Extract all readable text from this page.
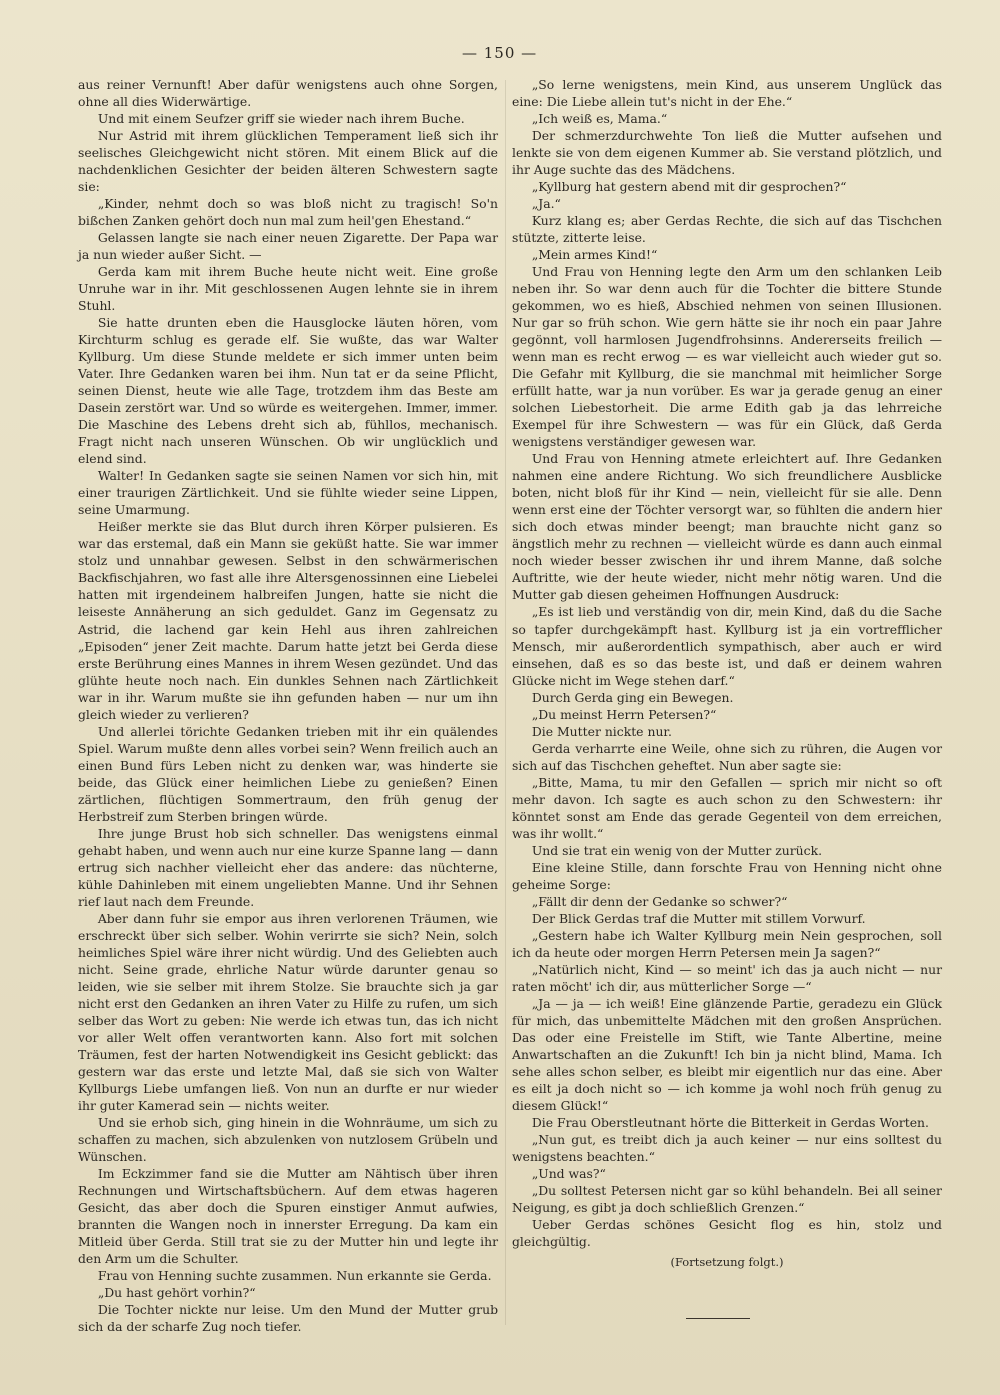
— 150 —

aus reiner Vernunft! Aber dafür wenigstens auch ohne Sorgen, ohne all dies Widerwärtige.

Und mit einem Seufzer griff sie wieder nach ihrem Buche.

Nur Astrid mit ihrem glücklichen Temperament ließ sich ihr seelisches Gleichgewicht nicht stören. Mit einem Blick auf die nachdenklichen Gesichter der beiden älteren Schwestern sagte sie:

„Kinder, nehmt doch so was bloß nicht zu tragisch! So'n bißchen Zanken gehört doch nun mal zum heil'gen Ehestand.“

Gelassen langte sie nach einer neuen Zigarette. Der Papa war ja nun wieder außer Sicht. —

Gerda kam mit ihrem Buche heute nicht weit. Eine große Unruhe war in ihr. Mit geschlossenen Augen lehnte sie in ihrem Stuhl.

Sie hatte drunten eben die Hausglocke läuten hören, vom Kirchturm schlug es gerade elf. Sie wußte, das war Walter Kyllburg. Um diese Stunde meldete er sich immer unten beim Vater. Ihre Gedanken waren bei ihm. Nun tat er da seine Pflicht, seinen Dienst, heute wie alle Tage, trotzdem ihm das Beste am Dasein zerstört war. Und so würde es weitergehen. Immer, immer. Die Maschine des Lebens dreht sich ab, fühllos, mechanisch. Fragt nicht nach unseren Wünschen. Ob wir unglücklich und elend sind.

Walter! In Gedanken sagte sie seinen Namen vor sich hin, mit einer traurigen Zärtlichkeit. Und sie fühlte wieder seine Lippen, seine Umarmung.

Heißer merkte sie das Blut durch ihren Körper pulsieren. Es war das erstemal, daß ein Mann sie geküßt hatte. Sie war immer stolz und unnahbar gewesen. Selbst in den schwärmerischen Backfischjahren, wo fast alle ihre Altersgenossinnen eine Liebelei hatten mit irgendeinem halbreifen Jungen, hatte sie nicht die leiseste Annäherung an sich geduldet. Ganz im Gegensatz zu Astrid, die lachend gar kein Hehl aus ihren zahlreichen „Episoden“ jener Zeit machte. Darum hatte jetzt bei Gerda diese erste Berührung eines Mannes in ihrem Wesen gezündet. Und das glühte heute noch nach. Ein dunkles Sehnen nach Zärtlichkeit war in ihr. Warum mußte sie ihn gefunden haben — nur um ihn gleich wieder zu verlieren?

Und allerlei törichte Gedanken trieben mit ihr ein quälendes Spiel. Warum mußte denn alles vorbei sein? Wenn freilich auch an einen Bund fürs Leben nicht zu denken war, was hinderte sie beide, das Glück einer heimlichen Liebe zu genießen? Einen zärtlichen, flüchtigen Sommertraum, den früh genug der Herbstreif zum Sterben bringen würde.

Ihre junge Brust hob sich schneller. Das wenigstens einmal gehabt haben, und wenn auch nur eine kurze Spanne lang — dann ertrug sich nachher vielleicht eher das andere: das nüchterne, kühle Dahinleben mit einem ungeliebten Manne. Und ihr Sehnen rief laut nach dem Freunde.

Aber dann fuhr sie empor aus ihren verlorenen Träumen, wie erschreckt über sich selber. Wohin verirrte sie sich? Nein, solch heimliches Spiel wäre ihrer nicht würdig. Und des Geliebten auch nicht. Seine grade, ehrliche Natur würde darunter genau so leiden, wie sie selber mit ihrem Stolze. Sie brauchte sich ja gar nicht erst den Gedanken an ihren Vater zu Hilfe zu rufen, um sich selber das Wort zu geben: Nie werde ich etwas tun, das ich nicht vor aller Welt offen verantworten kann. Also fort mit solchen Träumen, fest der harten Notwendigkeit ins Gesicht geblickt: das gestern war das erste und letzte Mal, daß sie sich von Walter Kyllburgs Liebe umfangen ließ. Von nun an durfte er nur wieder ihr guter Kamerad sein — nichts weiter.

Und sie erhob sich, ging hinein in die Wohnräume, um sich zu schaffen zu machen, sich abzulenken von nutzlosem Grübeln und Wünschen.

Im Eckzimmer fand sie die Mutter am Nähtisch über ihren Rechnungen und Wirtschaftsbüchern. Auf dem etwas hageren Gesicht, das aber doch die Spuren einstiger Anmut aufwies, brannten die Wangen noch in innerster Erregung. Da kam ein Mitleid über Gerda. Still trat sie zu der Mutter hin und legte ihr den Arm um die Schulter.

Frau von Henning suchte zusammen. Nun erkannte sie Gerda.

„Du hast gehört vorhin?“

Die Tochter nickte nur leise. Um den Mund der Mutter grub sich da der scharfe Zug noch tiefer.

„So lerne wenigstens, mein Kind, aus unserem Unglück das eine: Die Liebe allein tut's nicht in der Ehe.“

„Ich weiß es, Mama.“

Der schmerzdurchwehte Ton ließ die Mutter aufsehen und lenkte sie von dem eigenen Kummer ab. Sie verstand plötzlich, und ihr Auge suchte das des Mädchens.

„Kyllburg hat gestern abend mit dir gesprochen?“

„Ja.“

Kurz klang es; aber Gerdas Rechte, die sich auf das Tischchen stützte, zitterte leise.

„Mein armes Kind!“

Und Frau von Henning legte den Arm um den schlanken Leib neben ihr. So war denn auch für die Tochter die bittere Stunde gekommen, wo es hieß, Abschied nehmen von seinen Illusionen. Nur gar so früh schon. Wie gern hätte sie ihr noch ein paar Jahre gegönnt, voll harmlosen Jugendfrohsinns. Andererseits freilich — wenn man es recht erwog — es war vielleicht auch wieder gut so. Die Gefahr mit Kyllburg, die sie manchmal mit heimlicher Sorge erfüllt hatte, war ja nun vorüber. Es war ja gerade genug an einer solchen Liebestorheit. Die arme Edith gab ja das lehrreiche Exempel für ihre Schwestern — was für ein Glück, daß Gerda wenigstens verständiger gewesen war.

Und Frau von Henning atmete erleichtert auf. Ihre Gedanken nahmen eine andere Richtung. Wo sich freundlichere Ausblicke boten, nicht bloß für ihr Kind — nein, vielleicht für sie alle. Denn wenn erst eine der Töchter versorgt war, so fühlten die andern hier sich doch etwas minder beengt; man brauchte nicht ganz so ängstlich mehr zu rechnen — vielleicht würde es dann auch einmal noch wieder besser zwischen ihr und ihrem Manne, daß solche Auftritte, wie der heute wieder, nicht mehr nötig waren. Und die Mutter gab diesen geheimen Hoffnungen Ausdruck:

„Es ist lieb und verständig von dir, mein Kind, daß du die Sache so tapfer durchgekämpft hast. Kyllburg ist ja ein vortrefflicher Mensch, mir außerordentlich sympathisch, aber auch er wird einsehen, daß es so das beste ist, und daß er deinem wahren Glücke nicht im Wege stehen darf.“

Durch Gerda ging ein Bewegen.

„Du meinst Herrn Petersen?“

Die Mutter nickte nur.

Gerda verharrte eine Weile, ohne sich zu rühren, die Augen vor sich auf das Tischchen geheftet. Nun aber sagte sie:

„Bitte, Mama, tu mir den Gefallen — sprich mir nicht so oft mehr davon. Ich sagte es auch schon zu den Schwestern: ihr könntet sonst am Ende das gerade Gegenteil von dem erreichen, was ihr wollt.“

Und sie trat ein wenig von der Mutter zurück.

Eine kleine Stille, dann forschte Frau von Henning nicht ohne geheime Sorge:

„Fällt dir denn der Gedanke so schwer?“

Der Blick Gerdas traf die Mutter mit stillem Vorwurf.

„Gestern habe ich Walter Kyllburg mein Nein gesprochen, soll ich da heute oder morgen Herrn Petersen mein Ja sagen?“

„Natürlich nicht, Kind — so meint' ich das ja auch nicht — nur raten möcht' ich dir, aus mütterlicher Sorge —“

„Ja — ja — ich weiß! Eine glänzende Partie, geradezu ein Glück für mich, das unbemittelte Mädchen mit den großen Ansprüchen. Das oder eine Freistelle im Stift, wie Tante Albertine, meine Anwartschaften an die Zukunft! Ich bin ja nicht blind, Mama. Ich sehe alles schon selber, es bleibt mir eigentlich nur das eine. Aber es eilt ja doch nicht so — ich komme ja wohl noch früh genug zu diesem Glück!“

Die Frau Oberstleutnant hörte die Bitterkeit in Gerdas Worten.

„Nun gut, es treibt dich ja auch keiner — nur eins solltest du wenigstens beachten.“

„Und was?“

„Du solltest Petersen nicht gar so kühl behandeln. Bei all seiner Neigung, es gibt ja doch schließlich Grenzen.“

Ueber Gerdas schönes Gesicht flog es hin, stolz und gleichgültig.

(Fortsetzung folgt.)
